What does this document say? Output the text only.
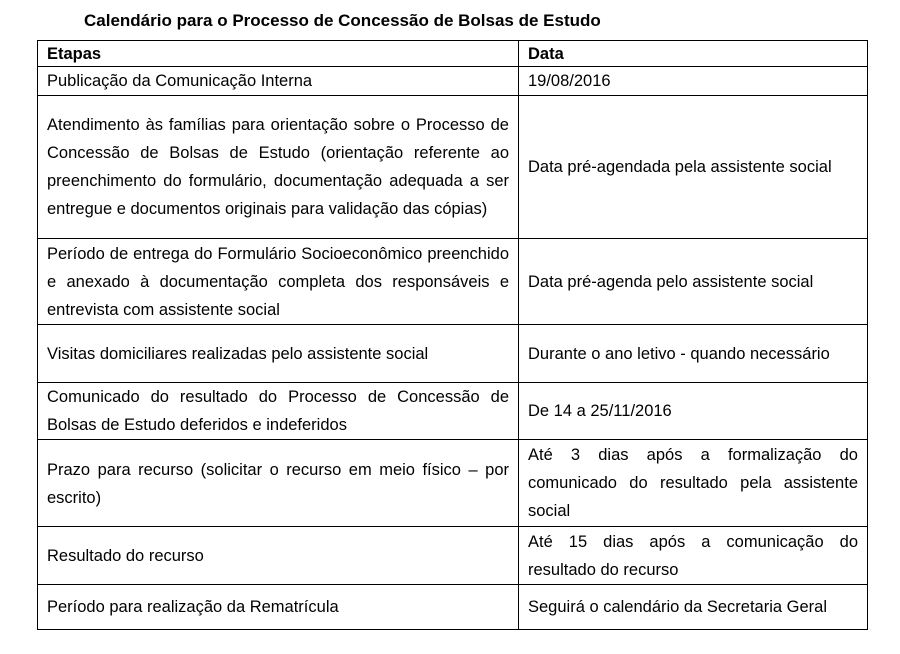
Calendário para o Processo de Concessão de Bolsas de Estudo
Etapas	Data
Publicação da Comunicação Interna	19/08/2016
Atendimento às famílias para orientação sobre o Processo de Concessão de Bolsas de Estudo (orientação referente ao preenchimento do formulário, documentação adequada a ser entregue e documentos originais para validação das cópias)	Data pré-agendada pela assistente social
Período de entrega do Formulário Socioeconômico preenchido e anexado à documentação completa dos responsáveis e entrevista com assistente social	Data pré-agenda pelo assistente social
Visitas domiciliares realizadas pelo assistente social	Durante o ano letivo - quando necessário
Comunicado do resultado do Processo de Concessão de Bolsas de Estudo deferidos e indeferidos	De 14 a 25/11/2016
Prazo para recurso (solicitar o recurso em meio físico – por escrito)	Até 3 dias após a formalização do comunicado do resultado pela assistente social
Resultado do recurso	Até 15 dias após a comunicação do resultado do recurso
Período para realização da Rematrícula	Seguirá o calendário da Secretaria Geral
